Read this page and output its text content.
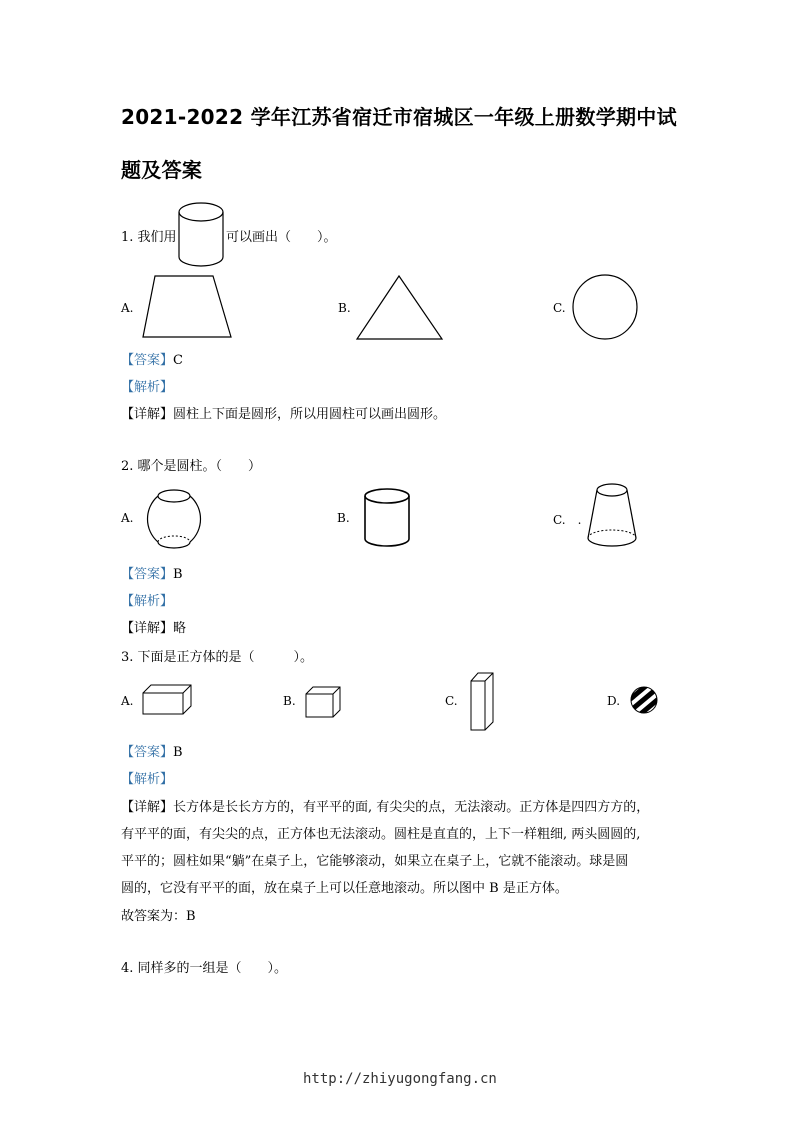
2021-2022 学年江苏省宿迁市宿城区一年级上册数学期中试
题及答案
1. 我们用	可以画出（　　）。
A.	B.	C.
【答案】C
【解析】
【详解】圆柱上下面是圆形，所以用圆柱可以画出圆形。
2. 哪个是圆柱。（　　）
A.	B.	C.　.
【答案】B
【解析】
【详解】略
3. 下面是正方体的是（　　　）。
A.	B.	C.	D.
【答案】B
【解析】
【详解】长方体是长长方方的，有平平的面, 有尖尖的点，无法滚动。正方体是四四方方的，
有平平的面，有尖尖的点，正方体也无法滚动。圆柱是直直的，上下一样粗细, 两头圆圆的,
平平的；圆柱如果“躺”在桌子上，它能够滚动，如果立在桌子上，它就不能滚动。球是圆
圆的，它没有平平的面，放在桌子上可以任意地滚动。所以图中 B 是正方体。
故答案为：B
4. 同样多的一组是（　　）。
http://zhiyugongfang.cn
